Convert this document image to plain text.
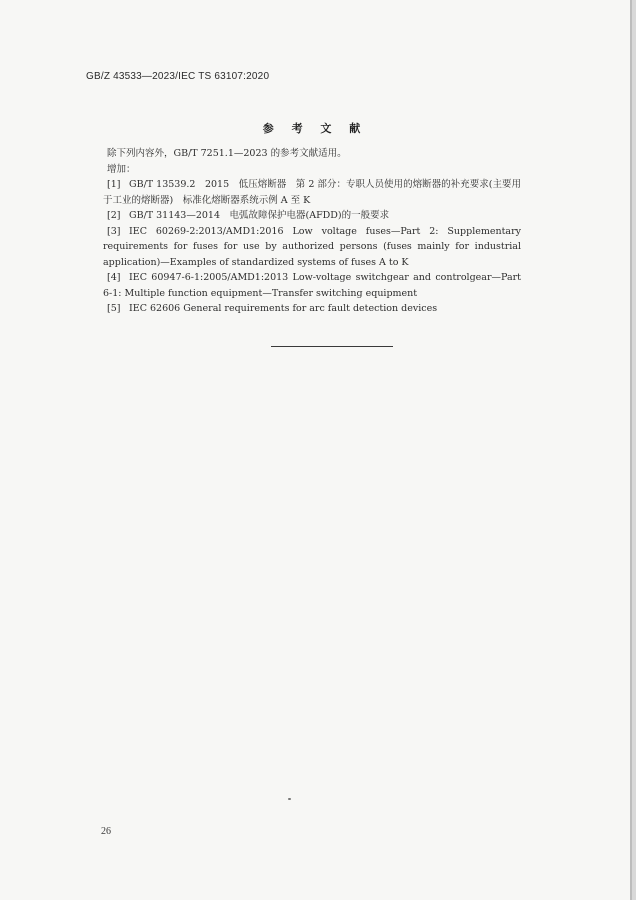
GB/Z 43533—2023/IEC TS 63107:2020
参 考 文 献

除下列内容外，GB/T 7251.1—2023 的参考文献适用。

增加：

[1] GB/T 13539.2　2015　低压熔断器　第 2 部分：专职人员使用的熔断器的补充要求(主要用于工业的熔断器)　标准化熔断器系统示例 A 至 K

[2] GB/T 31143—2014　电弧故障保护电器(AFDD)的一般要求

[3] IEC 60269-2:2013/AMD1:2016 Low voltage fuses—Part 2: Supplementary requirements for fuses for use by authorized persons (fuses mainly for industrial application)—Examples of standardized systems of fuses A to K

[4] IEC 60947-6-1:2005/AMD1:2013 Low-voltage switchgear and controlgear—Part 6-1: Multiple function equipment—Transfer switching equipment

[5] IEC 62606 General requirements for arc fault detection devices

26
